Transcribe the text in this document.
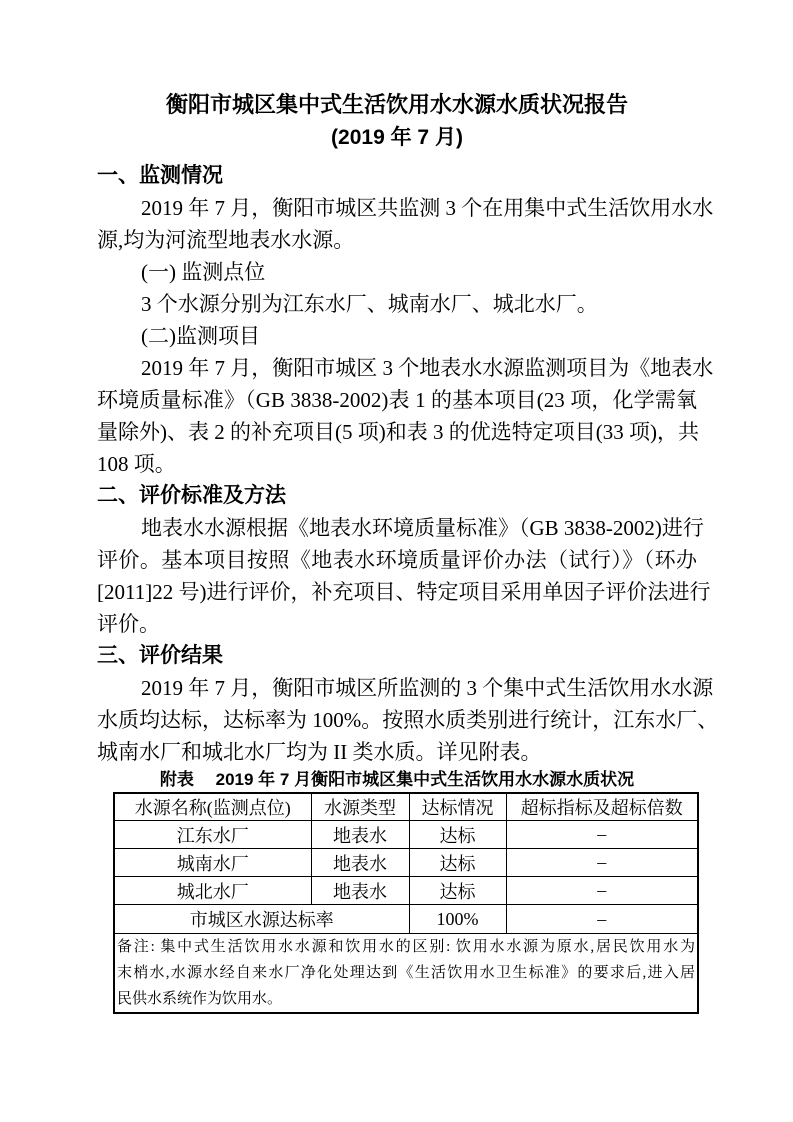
衡阳市城区集中式生活饮用水水源水质状况报告
(2019 年 7 月)
一、监测情况
2019 年 7 月，衡阳市城区共监测 3 个在用集中式生活饮用水水
源,均为河流型地表水水源。
(一) 监测点位
3 个水源分别为江东水厂、城南水厂、城北水厂。
(二)监测项目
2019 年 7 月，衡阳市城区 3 个地表水水源监测项目为《地表水
环境质量标准》（GB 3838-2002)表 1 的基本项目(23 项，化学需氧
量除外)、表 2 的补充项目(5 项)和表 3 的优选特定项目(33 项)，共
108 项。
二、评价标准及方法
地表水水源根据《地表水环境质量标准》（GB 3838-2002)进行
评价。基本项目按照《地表水环境质量评价办法（试行）》（环办
[2011]22 号)进行评价，补充项目、特定项目采用单因子评价法进行
评价。
三、评价结果
2019 年 7 月，衡阳市城区所监测的 3 个集中式生活饮用水水源
水质均达标，达标率为 100%。按照水质类别进行统计，江东水厂、
城南水厂和城北水厂均为 II 类水质。详见附表。
附表　 2019 年 7 月衡阳市城区集中式生活饮用水水源水质状况
水源名称(监测点位)	水源类型	达标情况	超标指标及超标倍数
江东水厂	地表水	达标	–
城南水厂	地表水	达标	–
城北水厂	地表水	达标	–
市城区水源达标率		100%	–

备注: 集中式生活饮用水水源和饮用水的区别: 饮用水水源为原水,居民饮用水为
末梢水,水源水经自来水厂净化处理达到《生活饮用水卫生标准》的要求后,进入居
民供水系统作为饮用水。			
